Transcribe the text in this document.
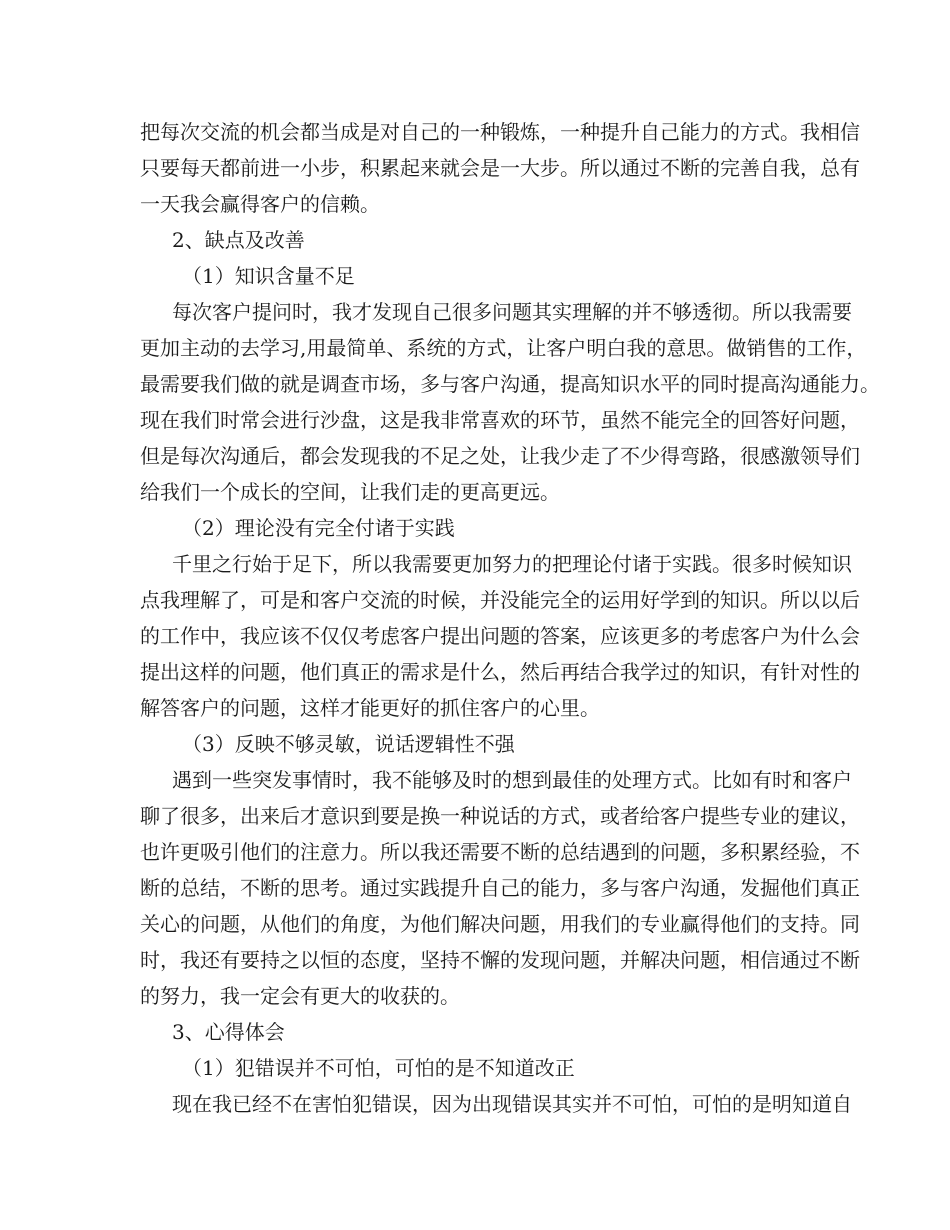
把每次交流的机会都当成是对自己的一种锻炼，一种提升自己能力的方式。我相信
只要每天都前进一小步，积累起来就会是一大步。所以通过不断的完善自我，总有
一天我会赢得客户的信赖。
2、缺点及改善
（1）知识含量不足
每次客户提问时，我才发现自己很多问题其实理解的并不够透彻。所以我需要
更加主动的去学习,用最简单、系统的方式，让客户明白我的意思。做销售的工作，
最需要我们做的就是调查市场，多与客户沟通，提高知识水平的同时提高沟通能力。
现在我们时常会进行沙盘，这是我非常喜欢的环节，虽然不能完全的回答好问题，
但是每次沟通后，都会发现我的不足之处，让我少走了不少得弯路，很感激领导们
给我们一个成长的空间，让我们走的更高更远。
（2）理论没有完全付诸于实践
千里之行始于足下，所以我需要更加努力的把理论付诸于实践。很多时候知识
点我理解了，可是和客户交流的时候，并没能完全的运用好学到的知识。所以以后
的工作中，我应该不仅仅考虑客户提出问题的答案，应该更多的考虑客户为什么会
提出这样的问题，他们真正的需求是什么，然后再结合我学过的知识，有针对性的
解答客户的问题，这样才能更好的抓住客户的心里。
（3）反映不够灵敏，说话逻辑性不强
遇到一些突发事情时，我不能够及时的想到最佳的处理方式。比如有时和客户
聊了很多，出来后才意识到要是换一种说话的方式，或者给客户提些专业的建议，
也许更吸引他们的注意力。所以我还需要不断的总结遇到的问题，多积累经验，不
断的总结，不断的思考。通过实践提升自己的能力，多与客户沟通，发掘他们真正
关心的问题，从他们的角度，为他们解决问题，用我们的专业赢得他们的支持。同
时，我还有要持之以恒的态度，坚持不懈的发现问题，并解决问题，相信通过不断
的努力，我一定会有更大的收获的。
3、心得体会
（1）犯错误并不可怕，可怕的是不知道改正
现在我已经不在害怕犯错误，因为出现错误其实并不可怕，可怕的是明知道自
